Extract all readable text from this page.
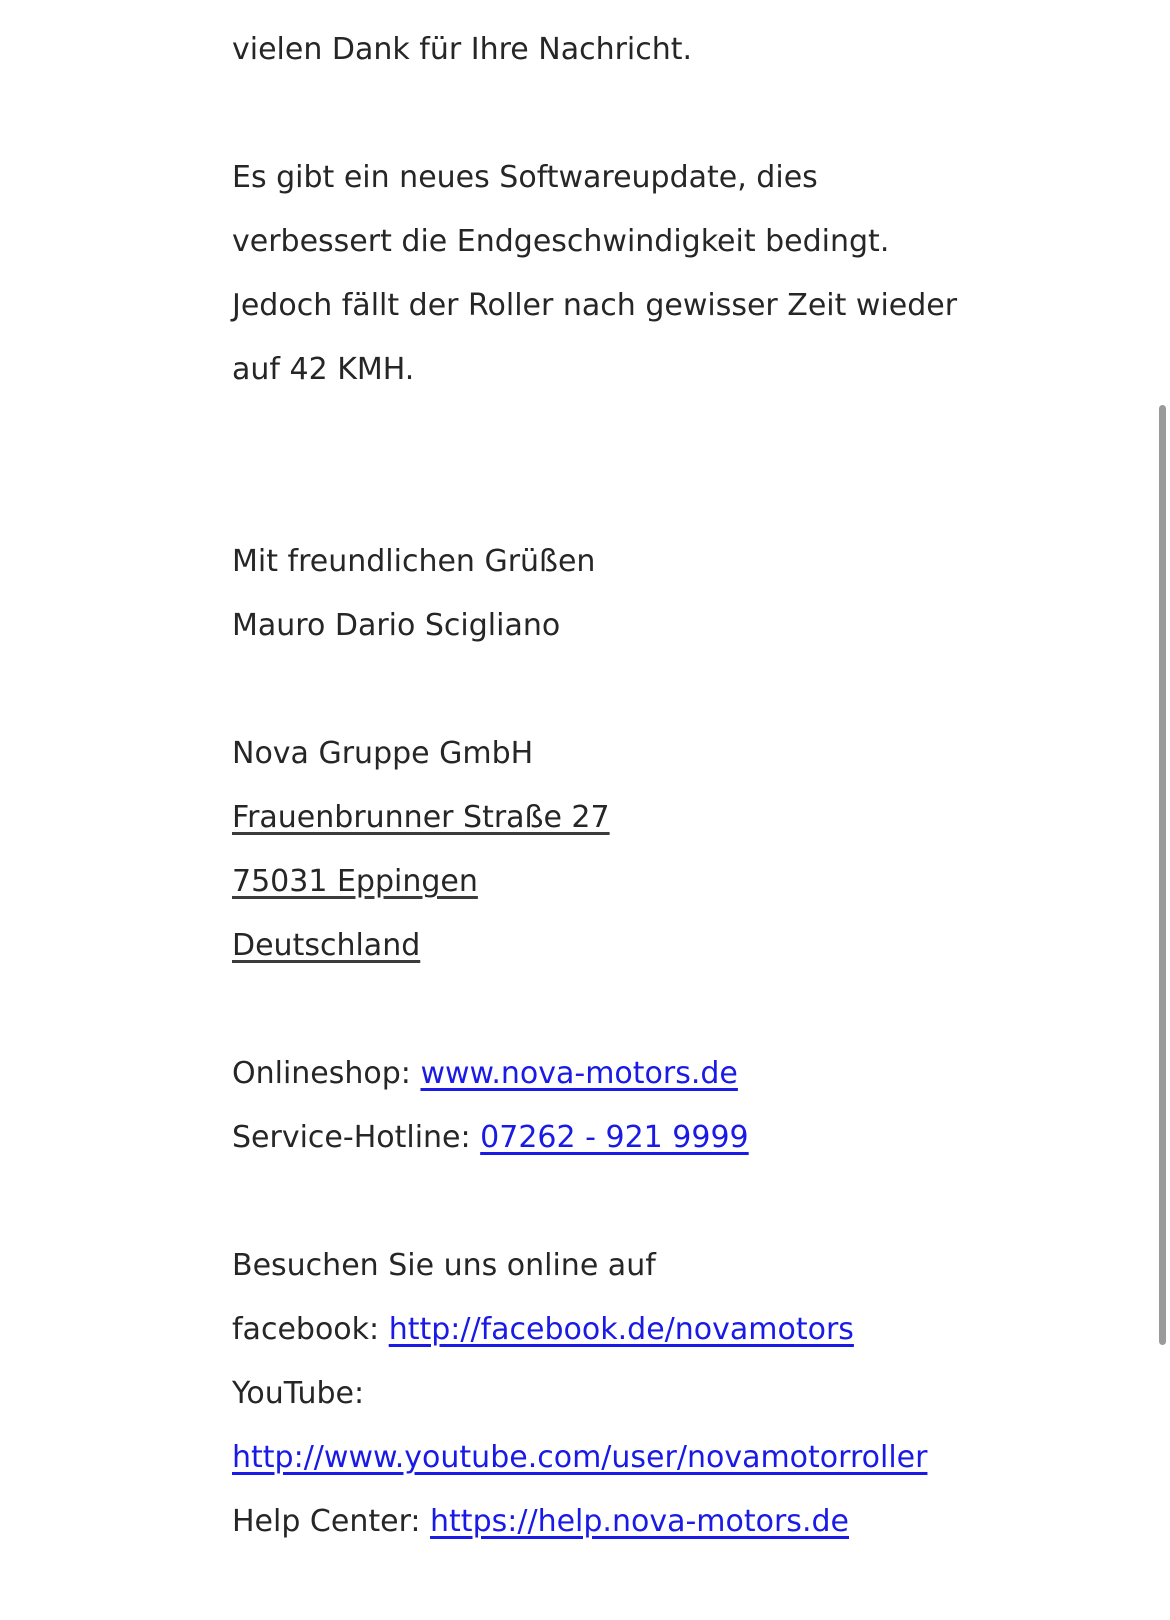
vielen Dank für Ihre Nachricht.
Es gibt ein neues Softwareupdate, dies
verbessert die Endgeschwindigkeit bedingt.
Jedoch fällt der Roller nach gewisser Zeit wieder
auf 42 KMH.
Mit freundlichen Grüßen
Mauro Dario Scigliano
Nova Gruppe GmbH
Frauenbrunner Straße 27
75031 Eppingen
Deutschland
Onlineshop: www.nova-motors.de
Service-Hotline: 07262 - 921 9999
Besuchen Sie uns online auf
facebook: http://facebook.de/novamotors
YouTube:
http://www.youtube.com/user/novamotorroller
Help Center: https://help.nova-motors.de
